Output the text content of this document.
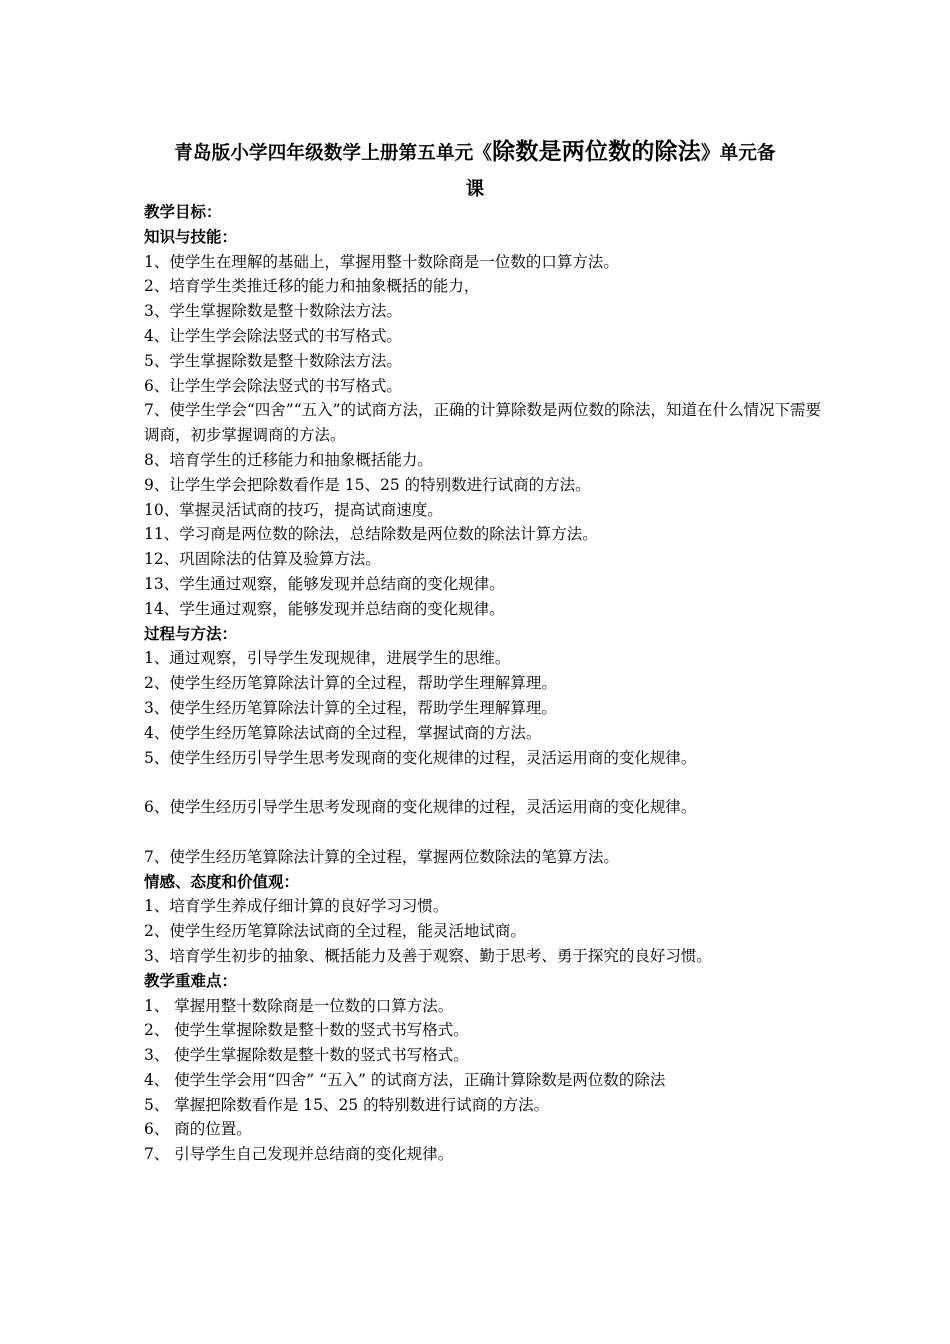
青岛版小学四年级数学上册第五单元《除数是两位数的除法》单元备
课
教学目标：
知识与技能：
1、使学生在理解的基础上，掌握用整十数除商是一位数的口算方法。
2、培育学生类推迁移的能力和抽象概括的能力，
3、学生掌握除数是整十数除法方法。
4、让学生学会除法竖式的书写格式。
5、学生掌握除数是整十数除法方法。
6、让学生学会除法竖式的书写格式。
7、使学生学会“四舍”“五入”的试商方法，正确的计算除数是两位数的除法，知道在什么情况下需要调商，初步掌握调商的方法。
8、培育学生的迁移能力和抽象概括能力。
9、让学生学会把除数看作是 15、25 的特别数进行试商的方法。
10、掌握灵活试商的技巧，提高试商速度。
11、学习商是两位数的除法，总结除数是两位数的除法计算方法。
12、巩固除法的估算及验算方法。
13、学生通过观察，能够发现并总结商的变化规律。
14、学生通过观察，能够发现并总结商的变化规律。
过程与方法：
1、通过观察，引导学生发现规律，进展学生的思维。
2、使学生经历笔算除法计算的全过程，帮助学生理解算理。
3、使学生经历笔算除法计算的全过程，帮助学生理解算理。
4、使学生经历笔算除法试商的全过程，掌握试商的方法。
5、使学生经历引导学生思考发现商的变化规律的过程，灵活运用商的变化规律。
6、使学生经历引导学生思考发现商的变化规律的过程，灵活运用商的变化规律。
7、使学生经历笔算除法计算的全过程，掌握两位数除法的笔算方法。
情感、态度和价值观：
1、培育学生养成仔细计算的良好学习习惯。
2、使学生经历笔算除法试商的全过程，能灵活地试商。
3、培育学生初步的抽象、概括能力及善于观察、勤于思考、勇于探究的良好习惯。
教学重难点：
1、 掌握用整十数除商是一位数的口算方法。
2、 使学生掌握除数是整十数的竖式书写格式。
3、 使学生掌握除数是整十数的竖式书写格式。
4、 使学生学会用“四舍” “五入” 的试商方法，正确计算除数是两位数的除法
5、 掌握把除数看作是 15、25 的特别数进行试商的方法。
6、 商的位置。
7、 引导学生自己发现并总结商的变化规律。
